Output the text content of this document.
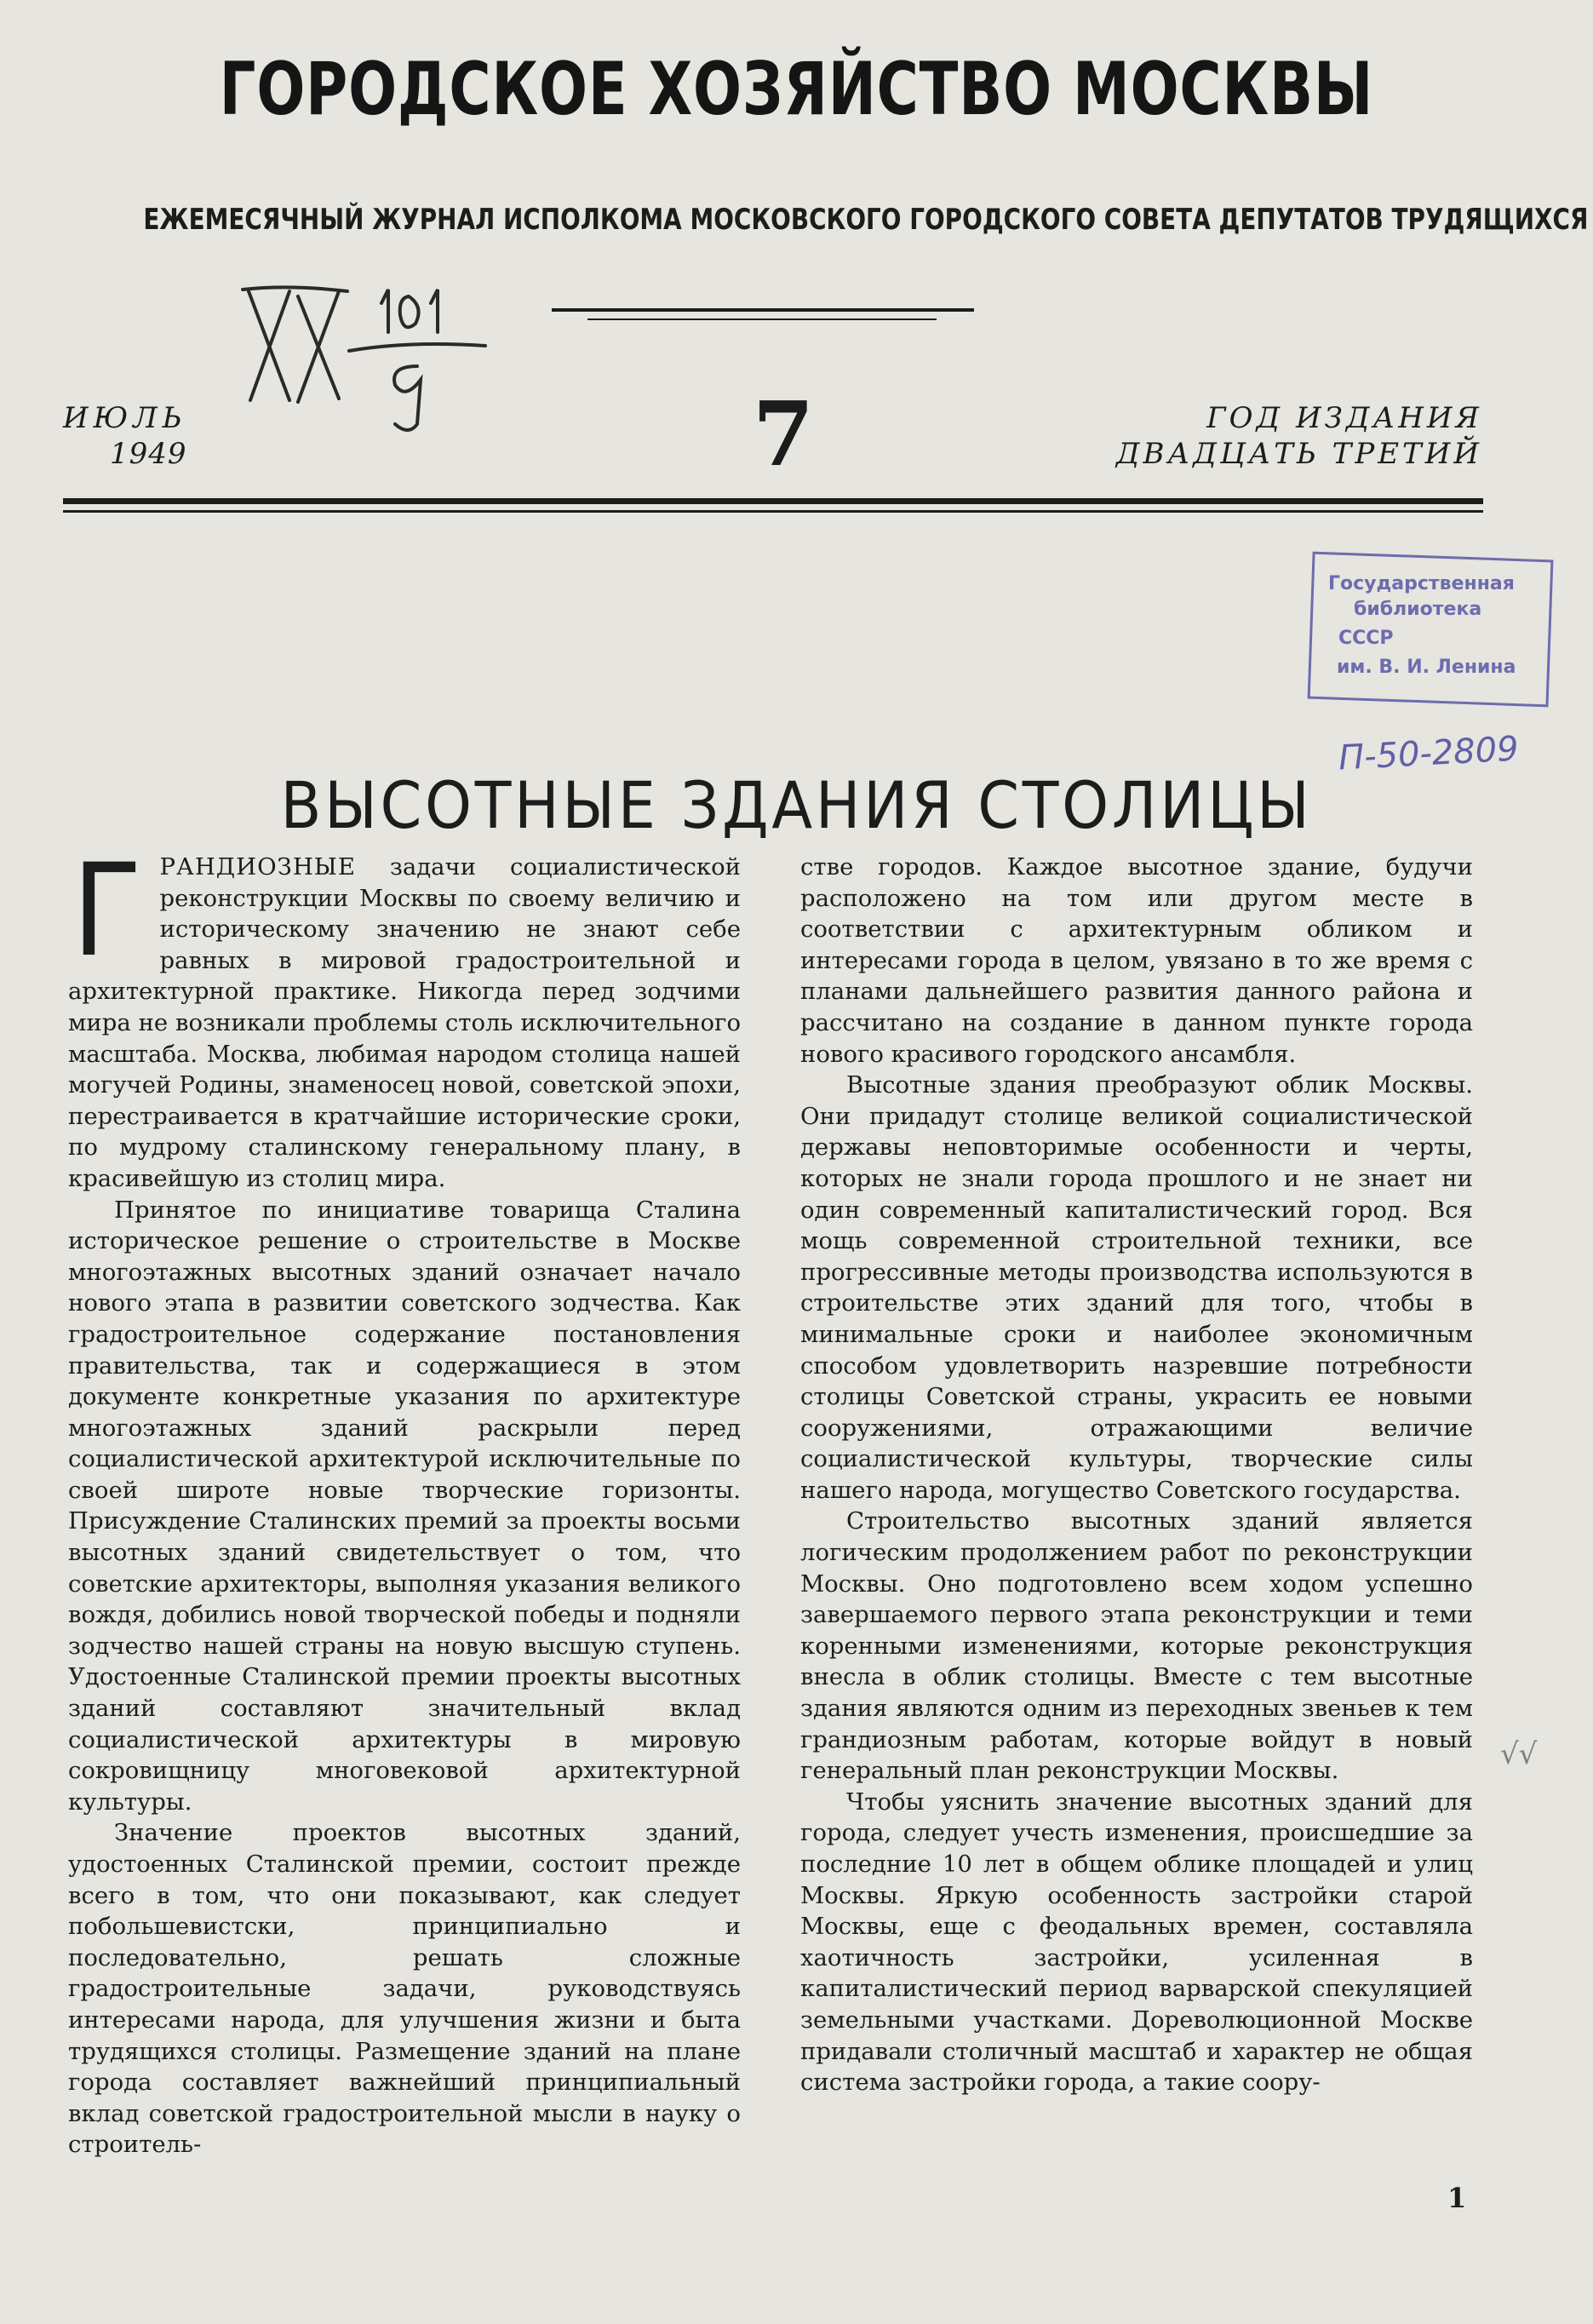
ГОРОДСКОЕ ХОЗЯЙСТВО МОСКВЫ
ЕЖЕМЕСЯЧНЫЙ ЖУРНАЛ ИСПОЛКОМА МОСКОВСКОГО ГОРОДСКОГО СОВЕТА ДЕПУТАТОВ ТРУДЯЩИХСЯ
ИЮЛЬ
1949	7	ГОД ИЗДАНИЯ
ДВАДЦАТЬ ТРЕТИЙ
Государственная
библиотека
СССР
им. В. И. Ленина
П-50-2809
ВЫСОТНЫЕ ЗДАНИЯ СТОЛИЦЫ

Г РАНДИОЗНЫЕ задачи социалистической реконструкции Москвы по своему величию и историческому значению не знают себе равных в мировой градостроительной и архитектурной практике. Никогда перед зодчими мира не возникали проблемы столь исключительного масштаба. Москва, любимая народом столица нашей могучей Родины, знаменосец новой, советской эпохи, перестраивается в кратчайшие исторические сроки, по мудрому сталинскому генеральному плану, в красивейшую из столиц мира.

Принятое по инициативе товарища Сталина историческое решение о строительстве в Москве многоэтажных высотных зданий означает начало нового этапа в развитии советского зодчества. Как градостроительное содержание постановления правительства, так и содержащиеся в этом документе конкретные указания по архитектуре многоэтажных зданий раскрыли перед социалистической архитектурой исключительные по своей широте новые творческие горизонты. Присуждение Сталинских премий за проекты восьми высотных зданий свидетельствует о том, что советские архитекторы, выполняя указания великого вождя, добились новой творческой победы и подняли зодчество нашей страны на новую высшую ступень. Удостоенные Сталинской премии проекты высотных зданий составляют значительный вклад социалистической архитектуры в мировую сокровищницу многовековой архитектурной культуры.

Значение проектов высотных зданий, удостоенных Сталинской премии, состоит прежде всего в том, что они показывают, как следует побольшевистски, принципиально и последовательно, решать сложные градостроительные задачи, руководствуясь интересами народа, для улучшения жизни и быта трудящихся столицы. Размещение зданий на плане города составляет важнейший принципиальный вклад советской градостроительной мысли в науку о строитель-

стве городов. Каждое высотное здание, будучи расположено на том или другом месте в соответствии с архитектурным обликом и интересами города в целом, увязано в то же время с планами дальнейшего развития данного района и рассчитано на создание в данном пункте города нового красивого городского ансамбля.

Высотные здания преобразуют облик Москвы. Они придадут столице великой социалистической державы неповторимые особенности и черты, которых не знали города прошлого и не знает ни один современный капиталистический город. Вся мощь современной строительной техники, все прогрессивные методы производства используются в строительстве этих зданий для того, чтобы в минимальные сроки и наиболее экономичным способом удовлетворить назревшие потребности столицы Советской страны, украсить ее новыми сооружениями, отражающими величие социалистической культуры, творческие силы нашего народа, могущество Советского государства.

Строительство высотных зданий является логическим продолжением работ по реконструкции Москвы. Оно подготовлено всем ходом успешно завершаемого первого этапа реконструкции и теми коренными изменениями, которые реконструкция внесла в облик столицы. Вместе с тем высотные здания являются одним из переходных звеньев к тем грандиозным работам, которые войдут в новый генеральный план реконструкции Москвы.

Чтобы уяснить значение высотных зданий для города, следует учесть изменения, происшедшие за последние 10 лет в общем облике площадей и улиц Москвы. Яркую особенность застройки старой Москвы, еще с феодальных времен, составляла хаотичность застройки, усиленная в капиталистический период варварской спекуляцией земельными участками. Дореволюционной Москве придавали столичный масштаб и характер не общая система застройки города, а такие соору-

√√
1
